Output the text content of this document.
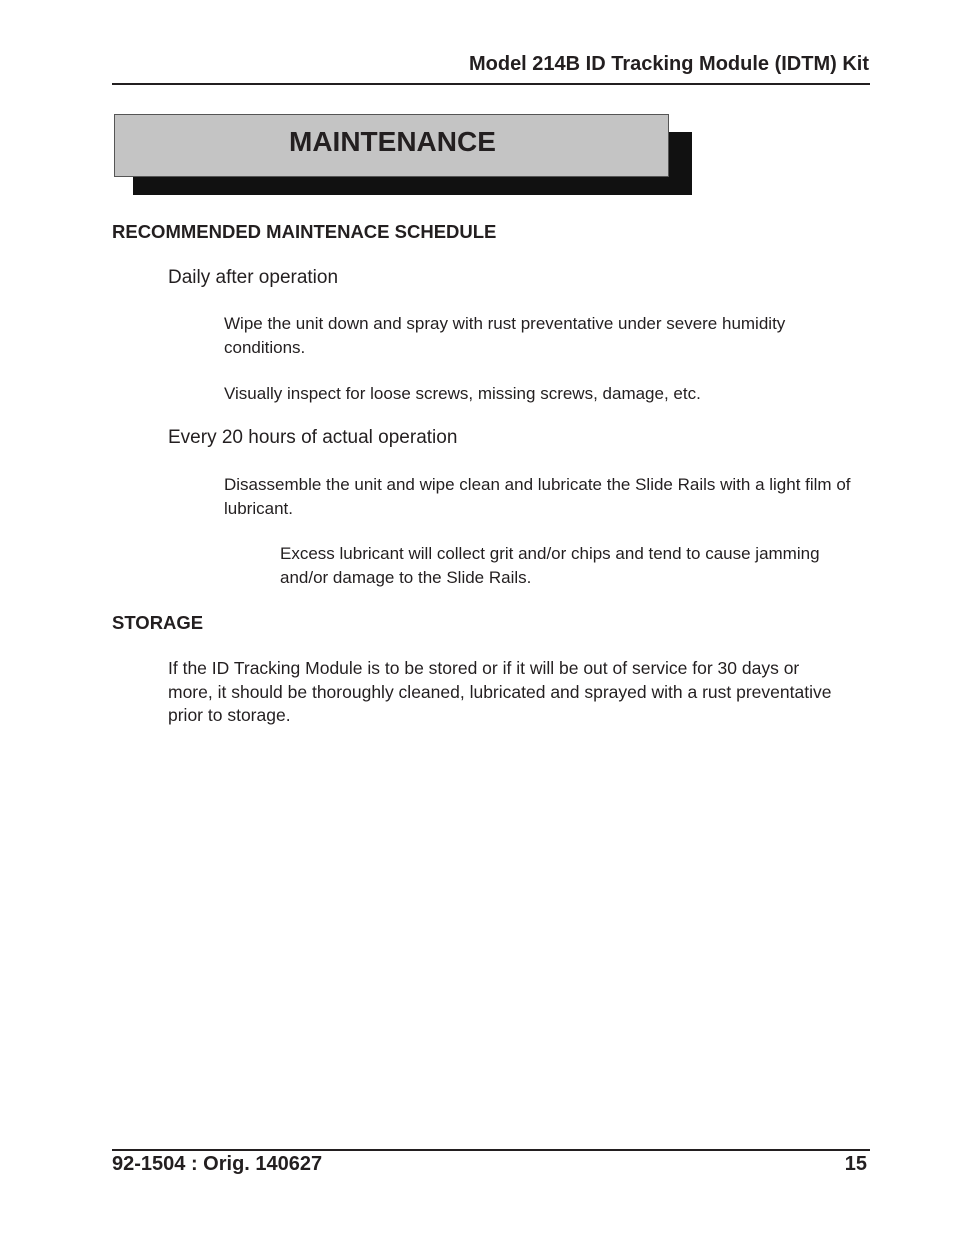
Model 214B ID Tracking Module (IDTM) Kit

MAINTENANCE

RECOMMENDED MAINTENACE SCHEDULE

Daily after operation

Wipe the unit down and spray with rust preventative under severe humidity conditions.

Visually inspect for loose screws, missing screws, damage, etc.

Every 20 hours of actual operation

Disassemble the unit and wipe clean and lubricate the Slide Rails with a light film of lubricant.

Excess lubricant will collect grit and/or chips and tend to cause jamming and/or damage to the Slide Rails.

STORAGE

If the ID Tracking Module is to be stored or if it will be out of service for 30 days or more, it should be thoroughly cleaned, lubricated and sprayed with a rust preventative prior to storage.

92-1504 : Orig. 140627	15
